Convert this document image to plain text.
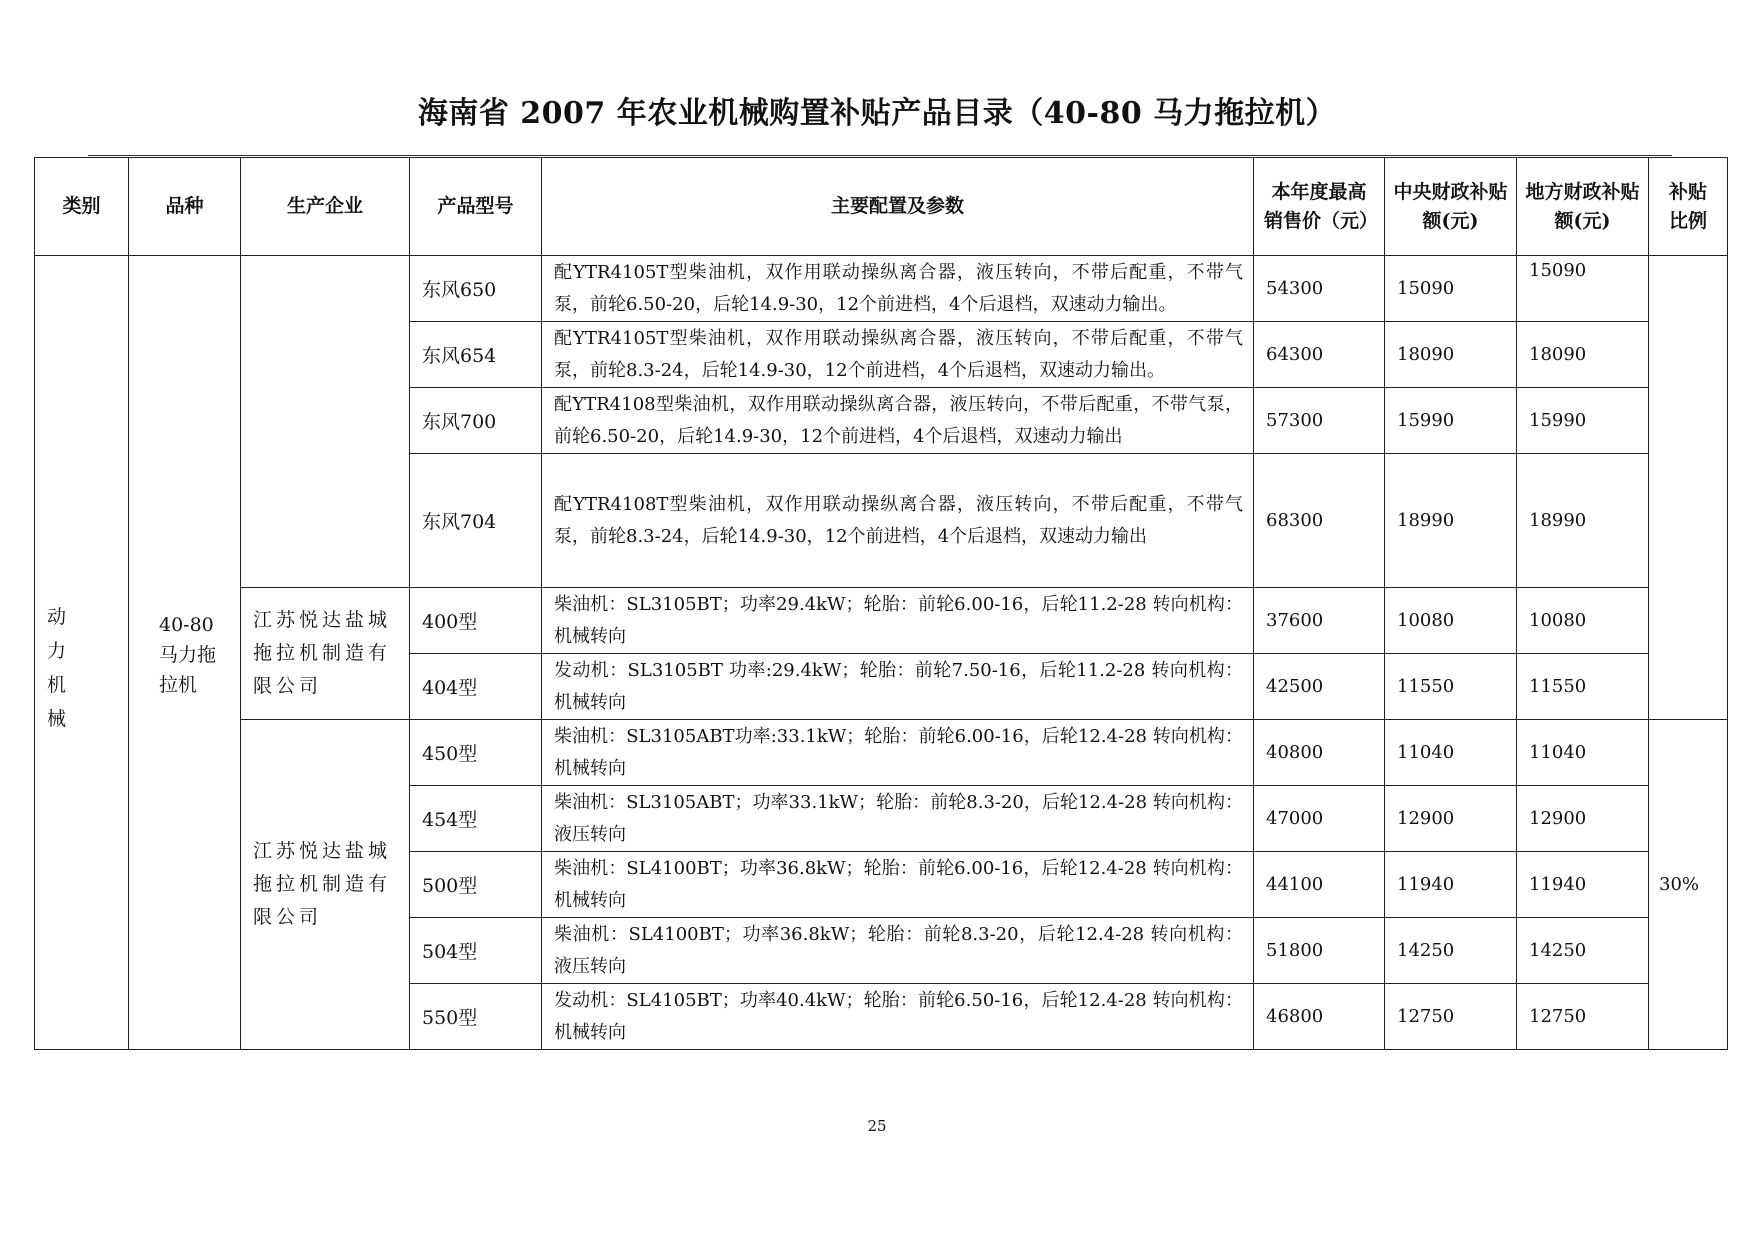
海南省 2007 年农业机械购置补贴产品目录（40-80 马力拖拉机）
类别	品种	生产企业	产品型号	主要配置及参数	本年度最高销售价（元）	中央财政补贴额(元)	地方财政补贴额(元)	补贴比例

动力机械	40-80马力拖拉机		东风650	配YTR4105T型柴油机，双作用联动操纵离合器，液压转向，不带后配重，不带气泵，前轮6.50-20，后轮14.9-30，12个前进档，4个后退档，双速动力输出。	54300	15090	15090	
			东风654	配YTR4105T型柴油机，双作用联动操纵离合器，液压转向，不带后配重，不带气泵，前轮8.3-24，后轮14.9-30，12个前进档，4个后退档，双速动力输出。	64300	18090	18090	
			东风700	配YTR4108型柴油机，双作用联动操纵离合器，液压转向，不带后配重，不带气泵，前轮6.50-20，后轮14.9-30，12个前进档，4个后退档，双速动力输出	57300	15990	15990	
			东风704	配YTR4108T型柴油机，双作用联动操纵离合器，液压转向，不带后配重，不带气泵，前轮8.3-24，后轮14.9-30，12个前进档，4个后退档，双速动力输出	68300	18990	18990	
		江苏悦达盐城拖拉机制造有限公司	400型	柴油机：SL3105BT；功率29.4kW；轮胎：前轮6.00-16，后轮11.2-28 转向机构：机械转向	37600	10080	10080	
			404型	发动机：SL3105BT 功率:29.4kW；轮胎：前轮7.50-16，后轮11.2-28 转向机构：机械转向	42500	11550	11550	
		江苏悦达盐城拖拉机制造有限公司	450型	柴油机：SL3105ABT功率:33.1kW；轮胎：前轮6.00-16，后轮12.4-28 转向机构：机械转向	40800	11040	11040	30%
			454型	柴油机：SL3105ABT；功率33.1kW；轮胎：前轮8.3-20，后轮12.4-28 转向机构：液压转向	47000	12900	12900	
			500型	柴油机：SL4100BT；功率36.8kW；轮胎：前轮6.00-16，后轮12.4-28 转向机构：机械转向	44100	11940	11940	
			504型	柴油机：SL4100BT；功率36.8kW；轮胎：前轮8.3-20，后轮12.4-28 转向机构：液压转向	51800	14250	14250	
			550型	发动机：SL4105BT；功率40.4kW；轮胎：前轮6.50-16，后轮12.4-28 转向机构：机械转向	46800	12750	12750	
25
